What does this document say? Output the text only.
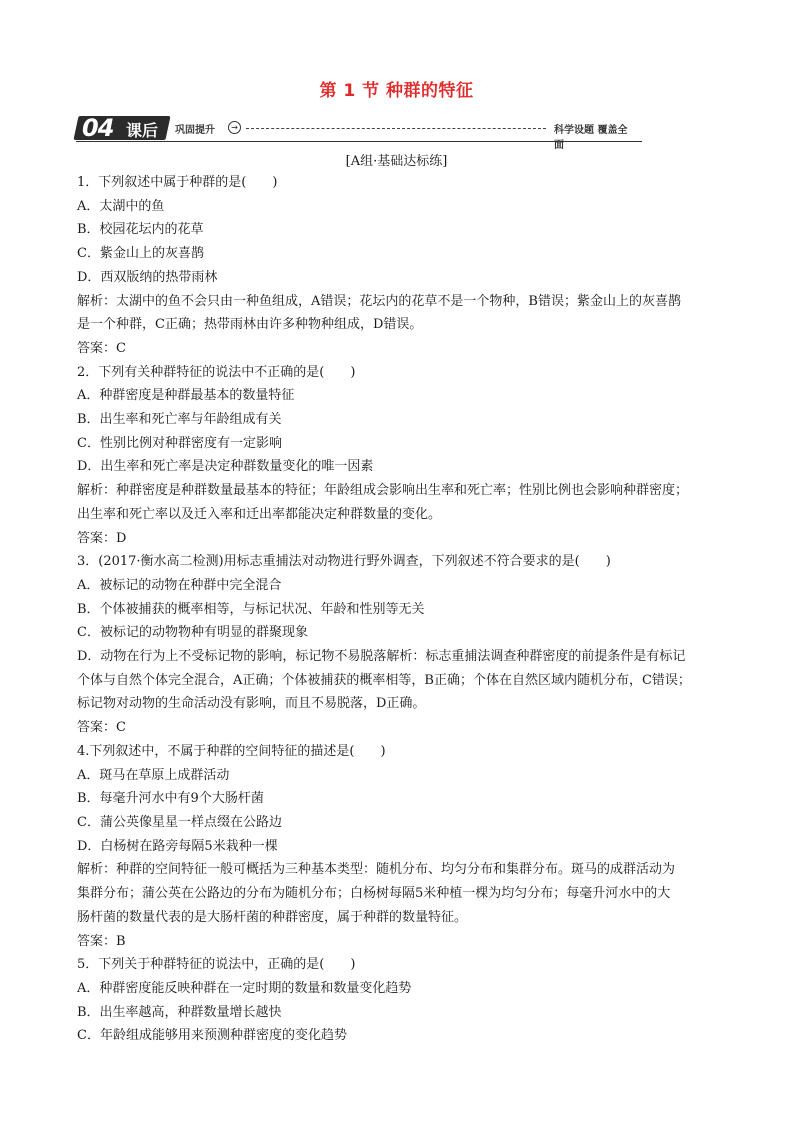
第 1 节 种群的特征
04 课后 巩固提升	→	科学设题 覆盖全面
[A组·基础达标练]

1．下列叙述中属于种群的是(　　)

A．太湖中的鱼

B．校园花坛内的花草

C．紫金山上的灰喜鹊

D．西双版纳的热带雨林

解析：太湖中的鱼不会只由一种鱼组成，A错误；花坛内的花草不是一个物种，B错误；紫金山上的灰喜鹊

是一个种群，C正确；热带雨林由许多种物种组成，D错误。

答案：C

2．下列有关种群特征的说法中不正确的是(　　)

A．种群密度是种群最基本的数量特征

B．出生率和死亡率与年龄组成有关

C．性别比例对种群密度有一定影响

D．出生率和死亡率是决定种群数量变化的唯一因素

解析：种群密度是种群数量最基本的特征；年龄组成会影响出生率和死亡率；性别比例也会影响种群密度；

出生率和死亡率以及迁入率和迁出率都能决定种群数量的变化。

答案：D

3．(2017·衡水高二检测)用标志重捕法对动物进行野外调查，下列叙述不符合要求的是(　　)

A．被标记的动物在种群中完全混合

B．个体被捕获的概率相等，与标记状况、年龄和性别等无关

C．被标记的动物物种有明显的群聚现象

D．动物在行为上不受标记物的影响，标记物不易脱落解析：标志重捕法调查种群密度的前提条件是有标记

个体与自然个体完全混合，A正确；个体被捕获的概率相等，B正确；个体在自然区域内随机分布，C错误；

标记物对动物的生命活动没有影响，而且不易脱落，D正确。

答案：C

4.下列叙述中，不属于种群的空间特征的描述是(　　)

A．斑马在草原上成群活动

B．每毫升河水中有9个大肠杆菌

C．蒲公英像星星一样点缀在公路边

D．白杨树在路旁每隔5米栽种一棵

解析：种群的空间特征一般可概括为三种基本类型：随机分布、均匀分布和集群分布。斑马的成群活动为

集群分布；蒲公英在公路边的分布为随机分布；白杨树每隔5米种植一棵为均匀分布；每毫升河水中的大

肠杆菌的数量代表的是大肠杆菌的种群密度，属于种群的数量特征。

答案：B

5．下列关于种群特征的说法中，正确的是(　　)

A．种群密度能反映种群在一定时期的数量和数量变化趋势

B．出生率越高，种群数量增长越快

C．年龄组成能够用来预测种群密度的变化趋势
